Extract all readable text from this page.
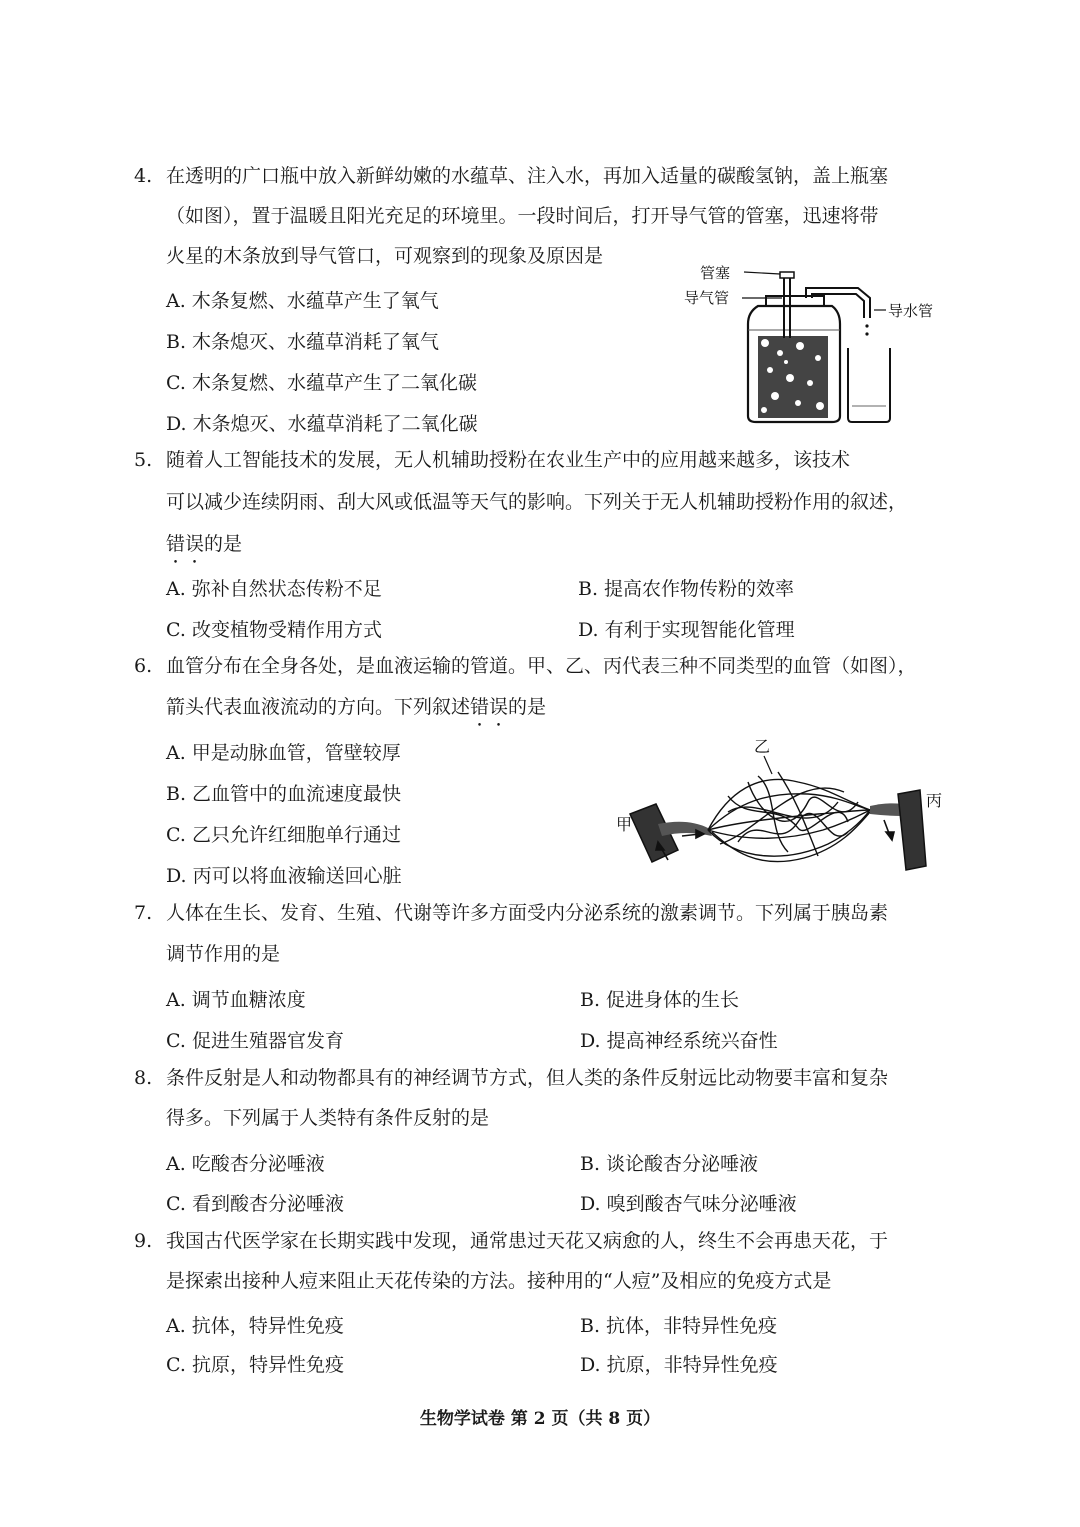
4. 在透明的广口瓶中放入新鲜幼嫩的水蕴草、注入水，再加入适量的碳酸氢钠，盖上瓶塞
（如图），置于温暖且阳光充足的环境里。一段时间后，打开导气管的管塞，迅速将带
火星的木条放到导气管口，可观察到的现象及原因是
A. 木条复燃、水蕴草产生了氧气
B. 木条熄灭、水蕴草消耗了氧气
C. 木条复燃、水蕴草产生了二氧化碳
D. 木条熄灭、水蕴草消耗了二氧化碳
管塞
导气管
导水管
5. 随着人工智能技术的发展，无人机辅助授粉在农业生产中的应用越来越多，该技术
可以减少连续阴雨、刮大风或低温等天气的影响。下列关于无人机辅助授粉作用的叙述，
错误的是
A. 弥补自然状态传粉不足	B. 提高农作物传粉的效率
C. 改变植物受精作用方式	D. 有利于实现智能化管理
6. 血管分布在全身各处，是血液运输的管道。甲、乙、丙代表三种不同类型的血管（如图），
箭头代表血液流动的方向。下列叙述错误的是
A. 甲是动脉血管，管壁较厚
B. 乙血管中的血流速度最快
C. 乙只允许红细胞单行通过
D. 丙可以将血液输送回心脏
甲
乙
丙
7. 人体在生长、发育、生殖、代谢等许多方面受内分泌系统的激素调节。下列属于胰岛素
调节作用的是
A. 调节血糖浓度	B. 促进身体的生长
C. 促进生殖器官发育	D. 提高神经系统兴奋性
8. 条件反射是人和动物都具有的神经调节方式，但人类的条件反射远比动物要丰富和复杂
得多。下列属于人类特有条件反射的是
A. 吃酸杏分泌唾液	B. 谈论酸杏分泌唾液
C. 看到酸杏分泌唾液	D. 嗅到酸杏气味分泌唾液
9. 我国古代医学家在长期实践中发现，通常患过天花又病愈的人，终生不会再患天花，于
是探索出接种人痘来阻止天花传染的方法。接种用的“人痘”及相应的免疫方式是
A. 抗体，特异性免疫	B. 抗体，非特异性免疫
C. 抗原，特异性免疫	D. 抗原，非特异性免疫
生物学试卷 第 2 页（共 8 页）
